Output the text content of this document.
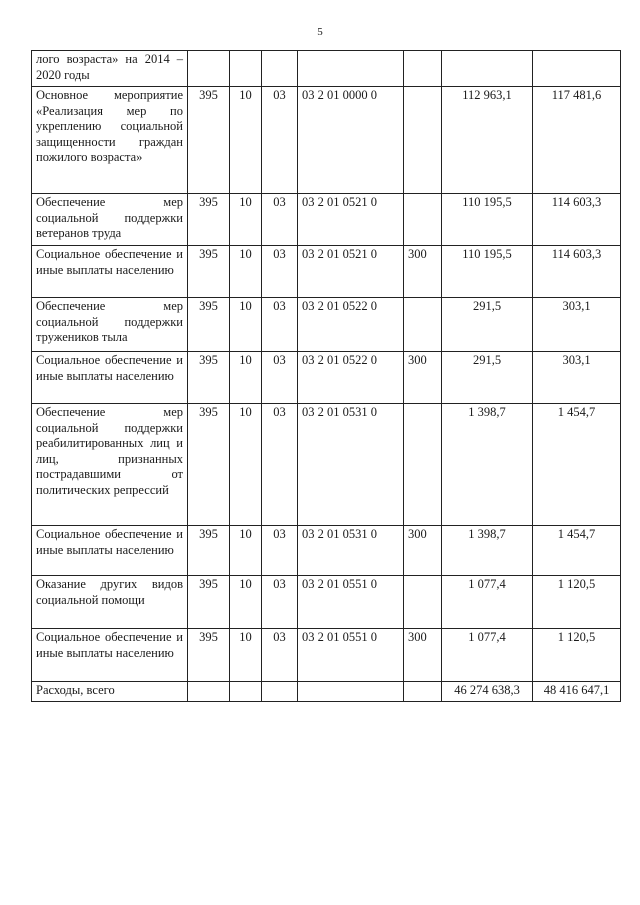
5
лого возраста» на 2014 – 2020 годы							
Основное мероприятие «Реализация мер по укреплению социальной защищенности граждан пожилого возраста»	395	10	03	03 2 01 0000 0		112 963,1	117 481,6
Обеспечение мер социальной поддержки ветеранов труда	395	10	03	03 2 01 0521 0		110 195,5	114 603,3
Социальное обеспечение и иные выплаты населению	395	10	03	03 2 01 0521 0	300	110 195,5	114 603,3
Обеспечение мер социальной поддержки тружеников тыла	395	10	03	03 2 01 0522 0		291,5	303,1
Социальное обеспечение и иные выплаты населению	395	10	03	03 2 01 0522 0	300	291,5	303,1
Обеспечение мер социальной поддержки реабилитированных лиц и лиц, признанных пострадавшими от политических репрессий	395	10	03	03 2 01 0531 0		1 398,7	1 454,7
Социальное обеспечение и иные выплаты населению	395	10	03	03 2 01 0531 0	300	1 398,7	1 454,7
Оказание других видов социальной помощи	395	10	03	03 2 01 0551 0		1 077,4	1 120,5
Социальное обеспечение и иные выплаты населению	395	10	03	03 2 01 0551 0	300	1 077,4	1 120,5
Расходы, всего						46 274 638,3	48 416 647,1
